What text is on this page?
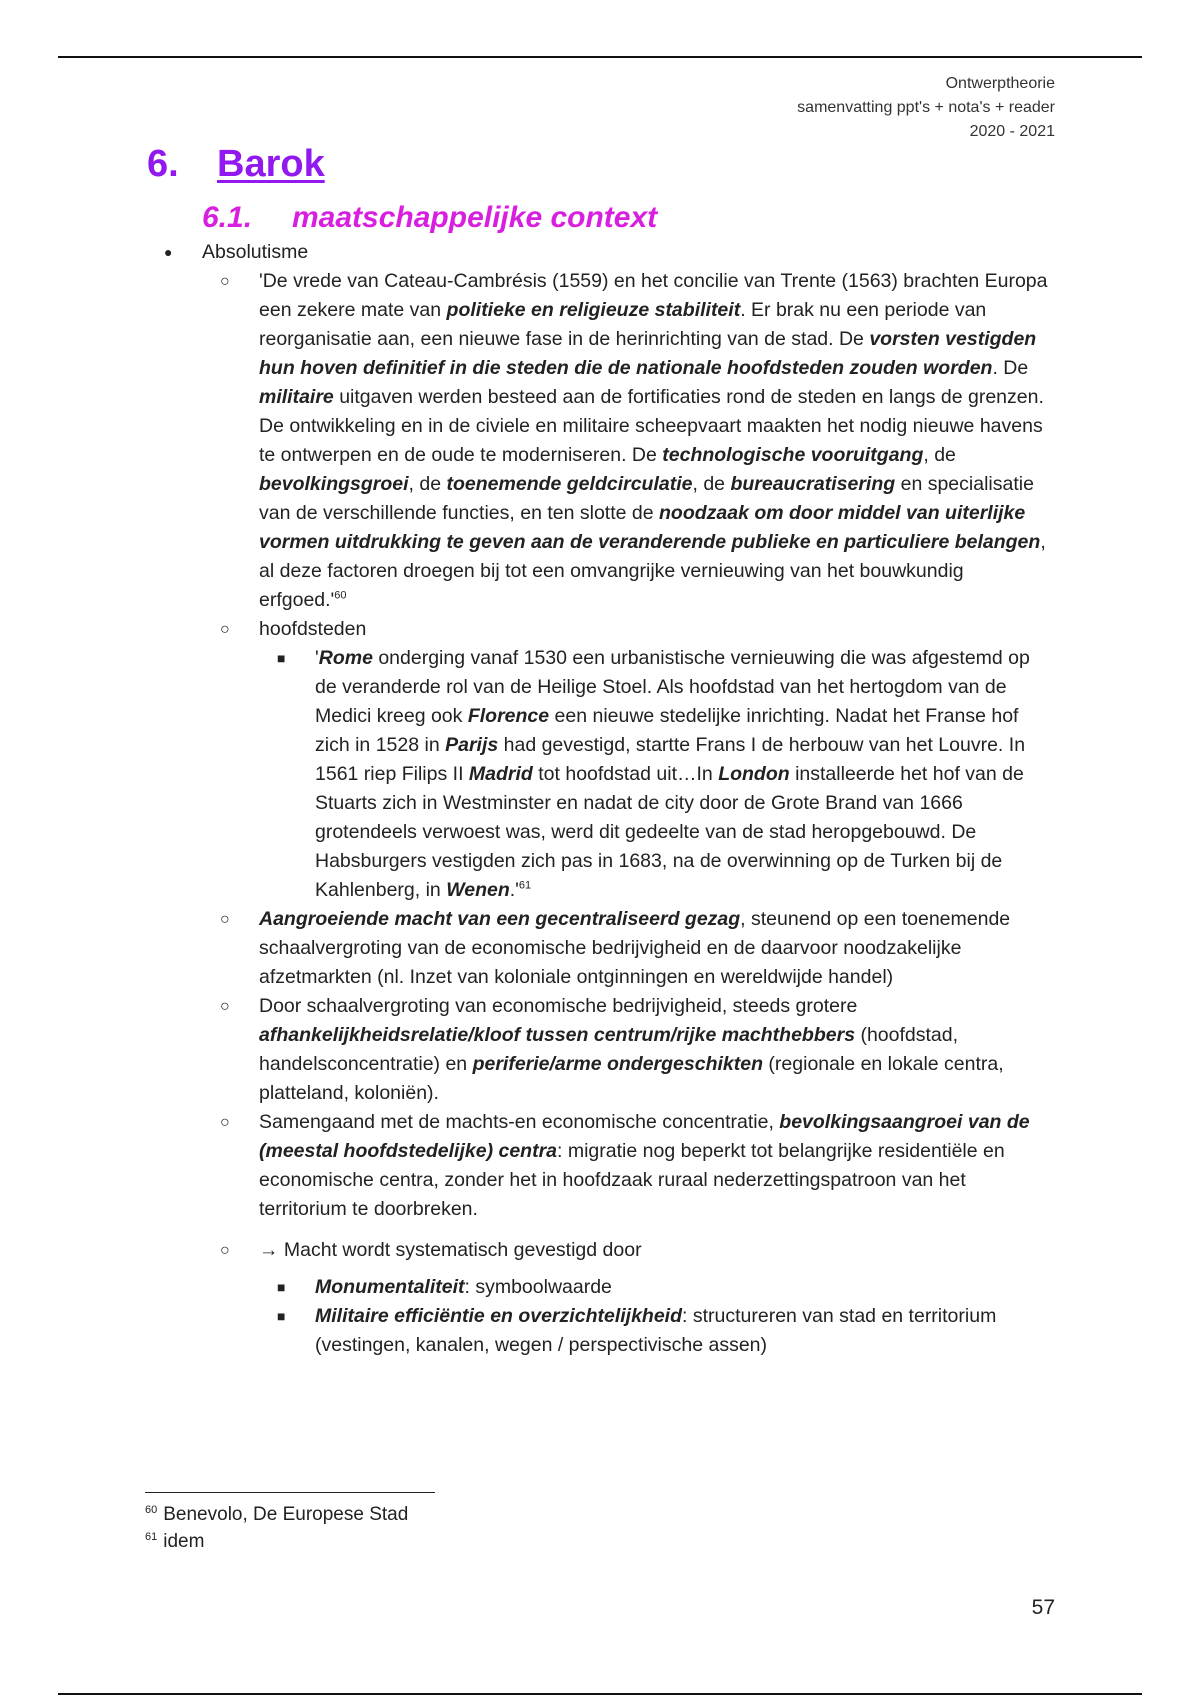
Ontwerptheorie
samenvatting ppt's + nota's + reader
2020 - 2021
6. Barok
6.1. maatschappelijke context
● Absolutisme
○ 'De vrede van Cateau-Cambrésis (1559) en het concilie van Trente (1563) brachten Europa een zekere mate van politieke en religieuze stabiliteit. Er brak nu een periode van reorganisatie aan, een nieuwe fase in de herinrichting van de stad. De vorsten vestigden hun hoven definitief in die steden die de nationale hoofdsteden zouden worden. De militaire uitgaven werden besteed aan de fortificaties rond de steden en langs de grenzen. De ontwikkeling en in de civiele en militaire scheepvaart maakten het nodig nieuwe havens te ontwerpen en de oude te moderniseren. De technologische vooruitgang, de bevolkingsgroei, de toenemende geldcirculatie, de bureaucratisering en specialisatie van de verschillende functies, en ten slotte de noodzaak om door middel van uiterlijke vormen uitdrukking te geven aan de veranderende publieke en particuliere belangen, al deze factoren droegen bij tot een omvangrijke vernieuwing van het bouwkundig $erfgoed.'^{60}$
○ hoofdsteden
■ 'Rome onderging vanaf 1530 een urbanistische vernieuwing die was afgestemd op de veranderde rol van de Heilige Stoel. Als hoofdstad van het hertogdom van de Medici kreeg ook Florence een nieuwe stedelijke inrichting. Nadat het Franse hof zich in 1528 in Parijs had gevestigd, startte Frans I de herbouw van het Louvre. In 1561 riep Filips II Madrid tot hoofdstad uit…In London installeerde het hof van de Stuarts zich in Westminster en nadat de city door de Grote Brand van 1666 grotendeels verwoest was, werd dit gedeelte van de stad heropgebouwd. De Habsburgers vestigden zich pas in 1683, na de overwinning op de Turken bij de Kahlenberg, in $Wenen.'^{61}$
○ Aangroeiende macht van een gecentraliseerd gezag, steunend op een toenemende schaalvergroting van de economische bedrijvigheid en de daarvoor noodzakelijke afzetmarkten (nl. Inzet van koloniale ontginningen en wereldwijde handel)
○ Door schaalvergroting van economische bedrijvigheid, steeds grotere afhankelijkheidsrelatie/kloof tussen centrum/rijke machthebbers (hoofdstad, handelsconcentratie) en periferie/arme ondergeschikten (regionale en lokale centra, platteland, koloniën).
○ Samengaand met de machts-en economische concentratie, bevolkingsaangroei van de (meestal hoofdstedelijke) centra: migratie nog beperkt tot belangrijke residentiële en economische centra, zonder het in hoofdzaak ruraal nederzettingspatroon van het territorium te doorbreken.
○ → Macht wordt systematisch gevestigd door
■ Monumentaliteit: symboolwaarde
■ Militaire efficiëntie en overzichtelijkheid: structureren van stad en territorium (vestingen, kanalen, wegen / perspectivische assen)
$^{60}$ Benevolo, De Europese Stad
$^{61}$ idem
57
